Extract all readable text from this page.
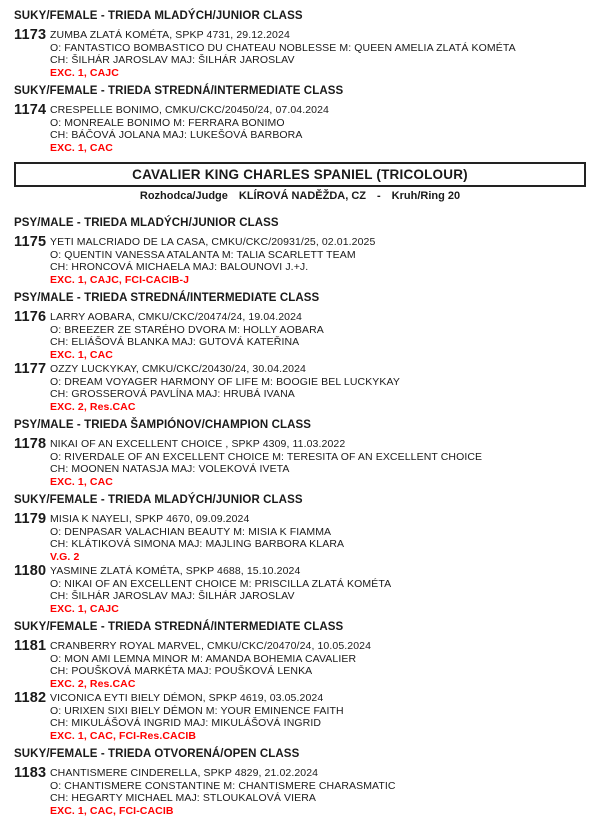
SUKY/FEMALE - TRIEDA MLADÝCH/JUNIOR CLASS
1173 ZUMBA ZLATÁ KOMÉTA, SPKP 4731, 29.12.2024
O: FANTASTICO BOMBASTICO DU CHATEAU NOBLESSE M: QUEEN AMELIA ZLATÁ KOMÉTA
CH: ŠILHÁR JAROSLAV MAJ: ŠILHÁR JAROSLAV
EXC. 1, CAJC
SUKY/FEMALE - TRIEDA STREDNÁ/INTERMEDIATE CLASS
1174 CRESPELLE BONIMO, CMKU/CKC/20450/24, 07.04.2024
O: MONREALE BONIMO M: FERRARA BONIMO
CH: BÁČOVÁ JOLANA MAJ: LUKEŠOVÁ BARBORA
EXC. 1, CAC
CAVALIER KING CHARLES SPANIEL (TRICOLOUR)
Rozhodca/Judge KLÍROVÁ NADĚŽDA, CZ - Kruh/Ring 20
PSY/MALE - TRIEDA MLADÝCH/JUNIOR CLASS
1175 YETI MALCRIADO DE LA CASA, CMKU/CKC/20931/25, 02.01.2025
O: QUENTIN VANESSA ATALANTA M: TALIA SCARLETT TEAM
CH: HRONCOVÁ MICHAELA MAJ: BALOUNOVI J.+J.
EXC. 1, CAJC, FCI-CACIB-J
PSY/MALE - TRIEDA STREDNÁ/INTERMEDIATE CLASS
1176 LARRY AOBARA, CMKU/CKC/20474/24, 19.04.2024
O: BREEZER ZE STARÉHO DVORA M: HOLLY AOBARA
CH: ELIÁŠOVÁ BLANKA MAJ: GUTOVÁ KATEŘINA
EXC. 1, CAC
1177 OZZY LUCKYKAY, CMKU/CKC/20430/24, 30.04.2024
O: DREAM VOYAGER HARMONY OF LIFE M: BOOGIE BEL LUCKYKAY
CH: GROSSEROVÁ PAVLÍNA MAJ: HRUBÁ IVANA
EXC. 2, Res.CAC
PSY/MALE - TRIEDA ŠAMPIÓNOV/CHAMPION CLASS
1178 NIKAI OF AN EXCELLENT CHOICE , SPKP 4309, 11.03.2022
O: RIVERDALE OF AN EXCELLENT CHOICE M: TERESITA OF AN EXCELLENT CHOICE
CH: MOONEN NATASJA MAJ: VOLEKOVÁ IVETA
EXC. 1, CAC
SUKY/FEMALE - TRIEDA MLADÝCH/JUNIOR CLASS
1179 MISIA K NAYELI, SPKP 4670, 09.09.2024
O: DENPASAR VALACHIAN BEAUTY M: MISIA K FIAMMA
CH: KLÁTIKOVÁ SIMONA MAJ: MAJLING BARBORA KLARA
V.G. 2
1180 YASMINE ZLATÁ KOMÉTA, SPKP 4688, 15.10.2024
O: NIKAI OF AN EXCELLENT CHOICE M: PRISCILLA ZLATÁ KOMÉTA
CH: ŠILHÁR JAROSLAV MAJ: ŠILHÁR JAROSLAV
EXC. 1, CAJC
SUKY/FEMALE - TRIEDA STREDNÁ/INTERMEDIATE CLASS
1181 CRANBERRY ROYAL MARVEL, CMKU/CKC/20470/24, 10.05.2024
O: MON AMI LEMNA MINOR M: AMANDA BOHEMIA CAVALIER
CH: POUŠKOVÁ MARKÉTA MAJ: POUŠKOVÁ LENKA
EXC. 2, Res.CAC
1182 VICONICA EYTI BIELY DÉMON, SPKP 4619, 03.05.2024
O: URIXEN SIXI BIELY DÉMON M: YOUR EMINENCE FAITH
CH: MIKULÁŠOVÁ INGRID MAJ: MIKULÁŠOVÁ INGRID
EXC. 1, CAC, FCI-Res.CACIB
SUKY/FEMALE - TRIEDA OTVORENÁ/OPEN CLASS
1183 CHANTISMERE CINDERELLA, SPKP 4829, 21.02.2024
O: CHANTISMERE CONSTANTINE M: CHANTISMERE CHARASMATIC
CH: HEGARTY MICHAEL MAJ: STLOUKALOVÁ VIERA
EXC. 1, CAC, FCI-CACIB
